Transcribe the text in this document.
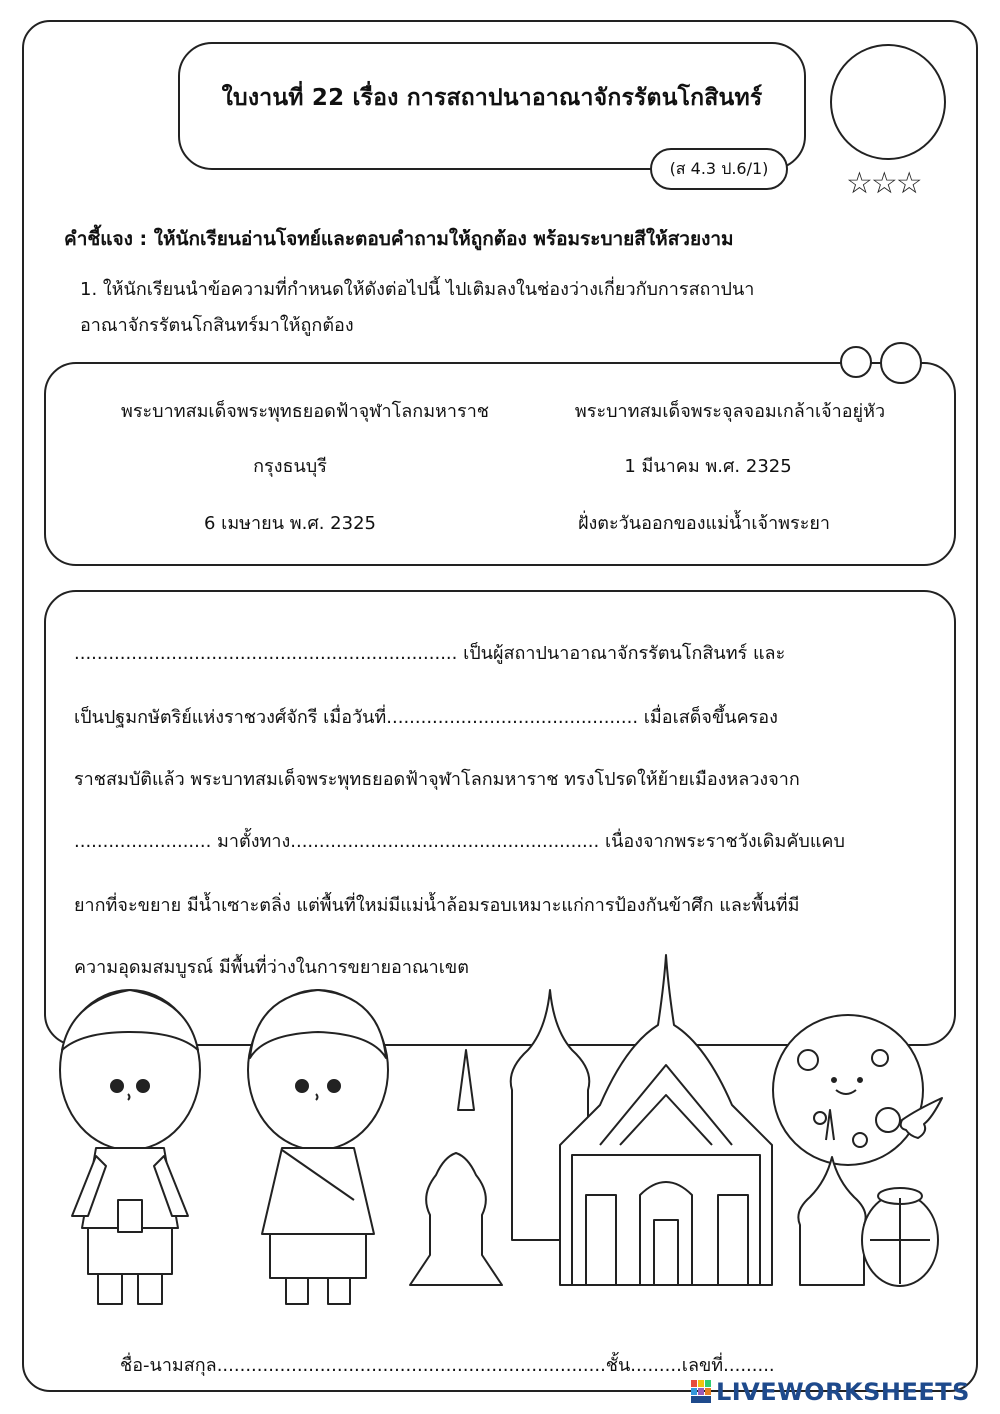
ใบงานที่ 22 เรื่อง การสถาปนาอาณาจักรรัตนโกสินทร์
(ส 4.3 ป.6/1)	☆☆☆
คำชี้แจง : ให้นักเรียนอ่านโจทย์และตอบคำถามให้ถูกต้อง พร้อมระบายสีให้สวยงาม
1. ให้นักเรียนนำข้อความที่กำหนดให้ดังต่อไปนี้ ไปเติมลงในช่องว่างเกี่ยวกับการสถาปนา
อาณาจักรรัตนโกสินทร์มาให้ถูกต้อง
พระบาทสมเด็จพระพุทธยอดฟ้าจุฬาโลกมหาราช	พระบาทสมเด็จพระจุลจอมเกล้าเจ้าอยู่หัว
กรุงธนบุรี	1 มีนาคม พ.ศ. 2325
6 เมษายน พ.ศ. 2325	ฝั่งตะวันออกของแม่น้ำเจ้าพระยา
................................................................... เป็นผู้สถาปนาอาณาจักรรัตนโกสินทร์ และ
เป็นปฐมกษัตริย์แห่งราชวงศ์จักรี เมื่อวันที่............................................ เมื่อเสด็จขึ้นครอง
ราชสมบัติแล้ว พระบาทสมเด็จพระพุทธยอดฟ้าจุฬาโลกมหาราช ทรงโปรดให้ย้ายเมืองหลวงจาก
........................ มาตั้งทาง...................................................... เนื่องจากพระราชวังเดิมคับแคบ
ยากที่จะขยาย มีน้ำเซาะตลิ่ง แต่พื้นที่ใหม่มีแม่น้ำล้อมรอบเหมาะแก่การป้องกันข้าศึก และพื้นที่มี
ความอุดมสมบูรณ์ มีพื้นที่ว่างในการขยายอาณาเขต
ชื่อ-นามสกุล....................................................................ชั้น.........เลขที่.........
LIVEWORKSHEETS
